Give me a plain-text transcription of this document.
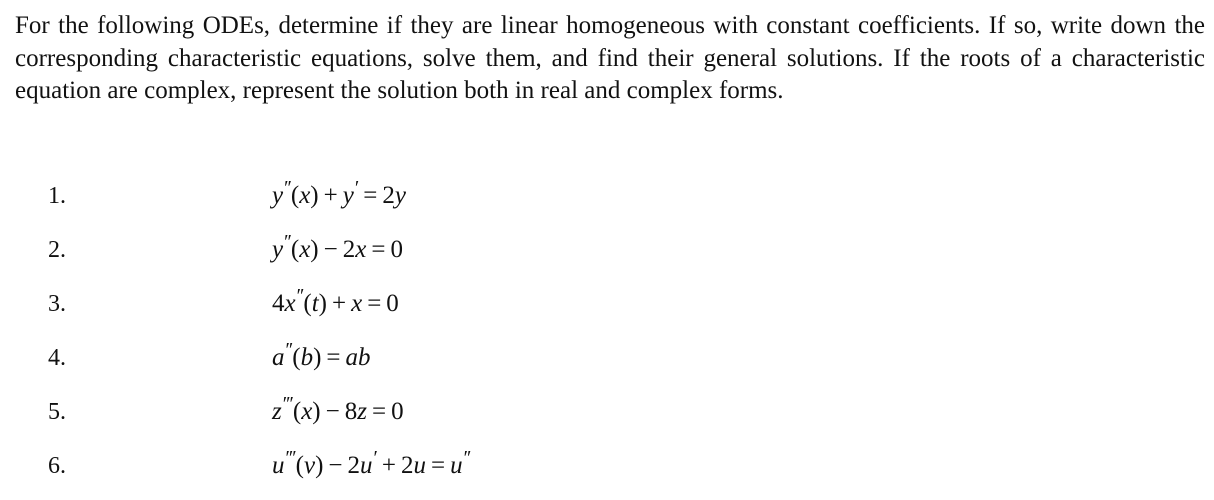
For the following ODEs, determine if they are linear homogeneous with constant coefficients. If so, write down the corresponding characteristic equations, solve them, and find their general solutions. If the roots of a characteristic equation are complex, represent the solution both in real and complex forms.

1.	y′′(x) + y′ = 2y
2.	y′′(x) − 2x = 0
3.	4x′′(t) + x = 0
4.	a′′(b) = ab
5.	z′′′(x) − 8z = 0
6.	u′′′(v) − 2u′ + 2u = u′′
